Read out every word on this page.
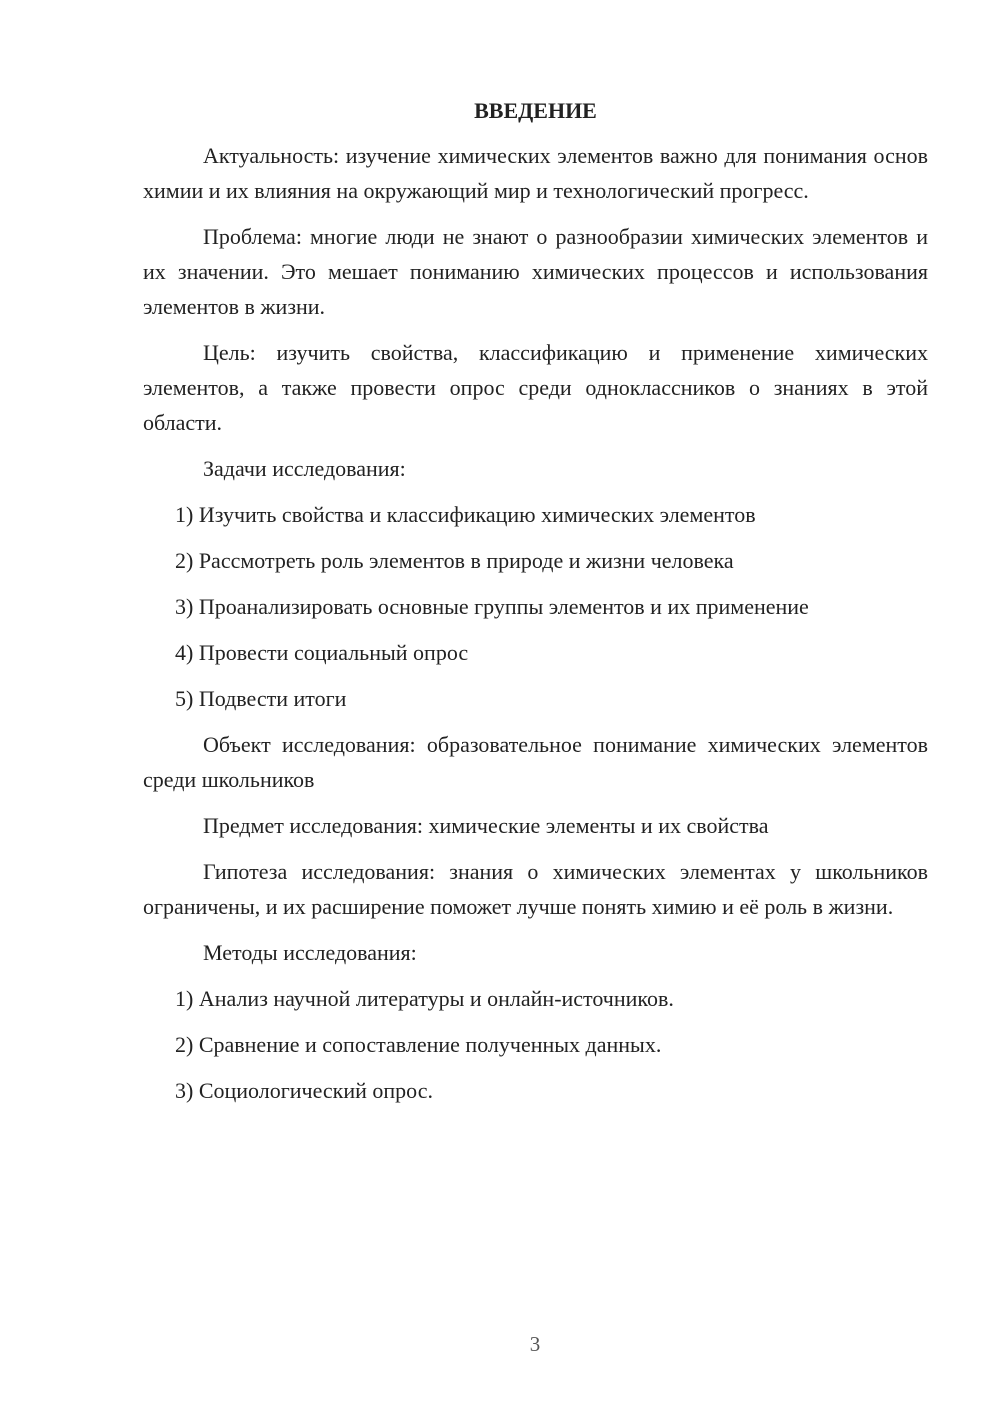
ВВЕДЕНИЕ

Актуальность: изучение химических элементов важно для понимания основ химии и их влияния на окружающий мир и технологический прогресс.

Проблема: многие люди не знают о разнообразии химических элементов и их значении. Это мешает пониманию химических процессов и использования элементов в жизни.

Цель: изучить свойства, классификацию и применение химических элементов, а также провести опрос среди одноклассников о знаниях в этой области.

Задачи исследования:

1) Изучить свойства и классификацию химических элементов
2) Рассмотреть роль элементов в природе и жизни человека
3) Проанализировать основные группы элементов и их применение
4) Провести социальный опрос
5) Подвести итоги

Объект исследования: образовательное понимание химических элементов среди школьников

Предмет исследования: химические элементы и их свойства

Гипотеза исследования: знания о химических элементах у школьников ограничены, и их расширение поможет лучше понять химию и её роль в жизни.

Методы исследования:

1) Анализ научной литературы и онлайн-источников.
2) Сравнение и сопоставление полученных данных.
3) Социологический опрос.
3
